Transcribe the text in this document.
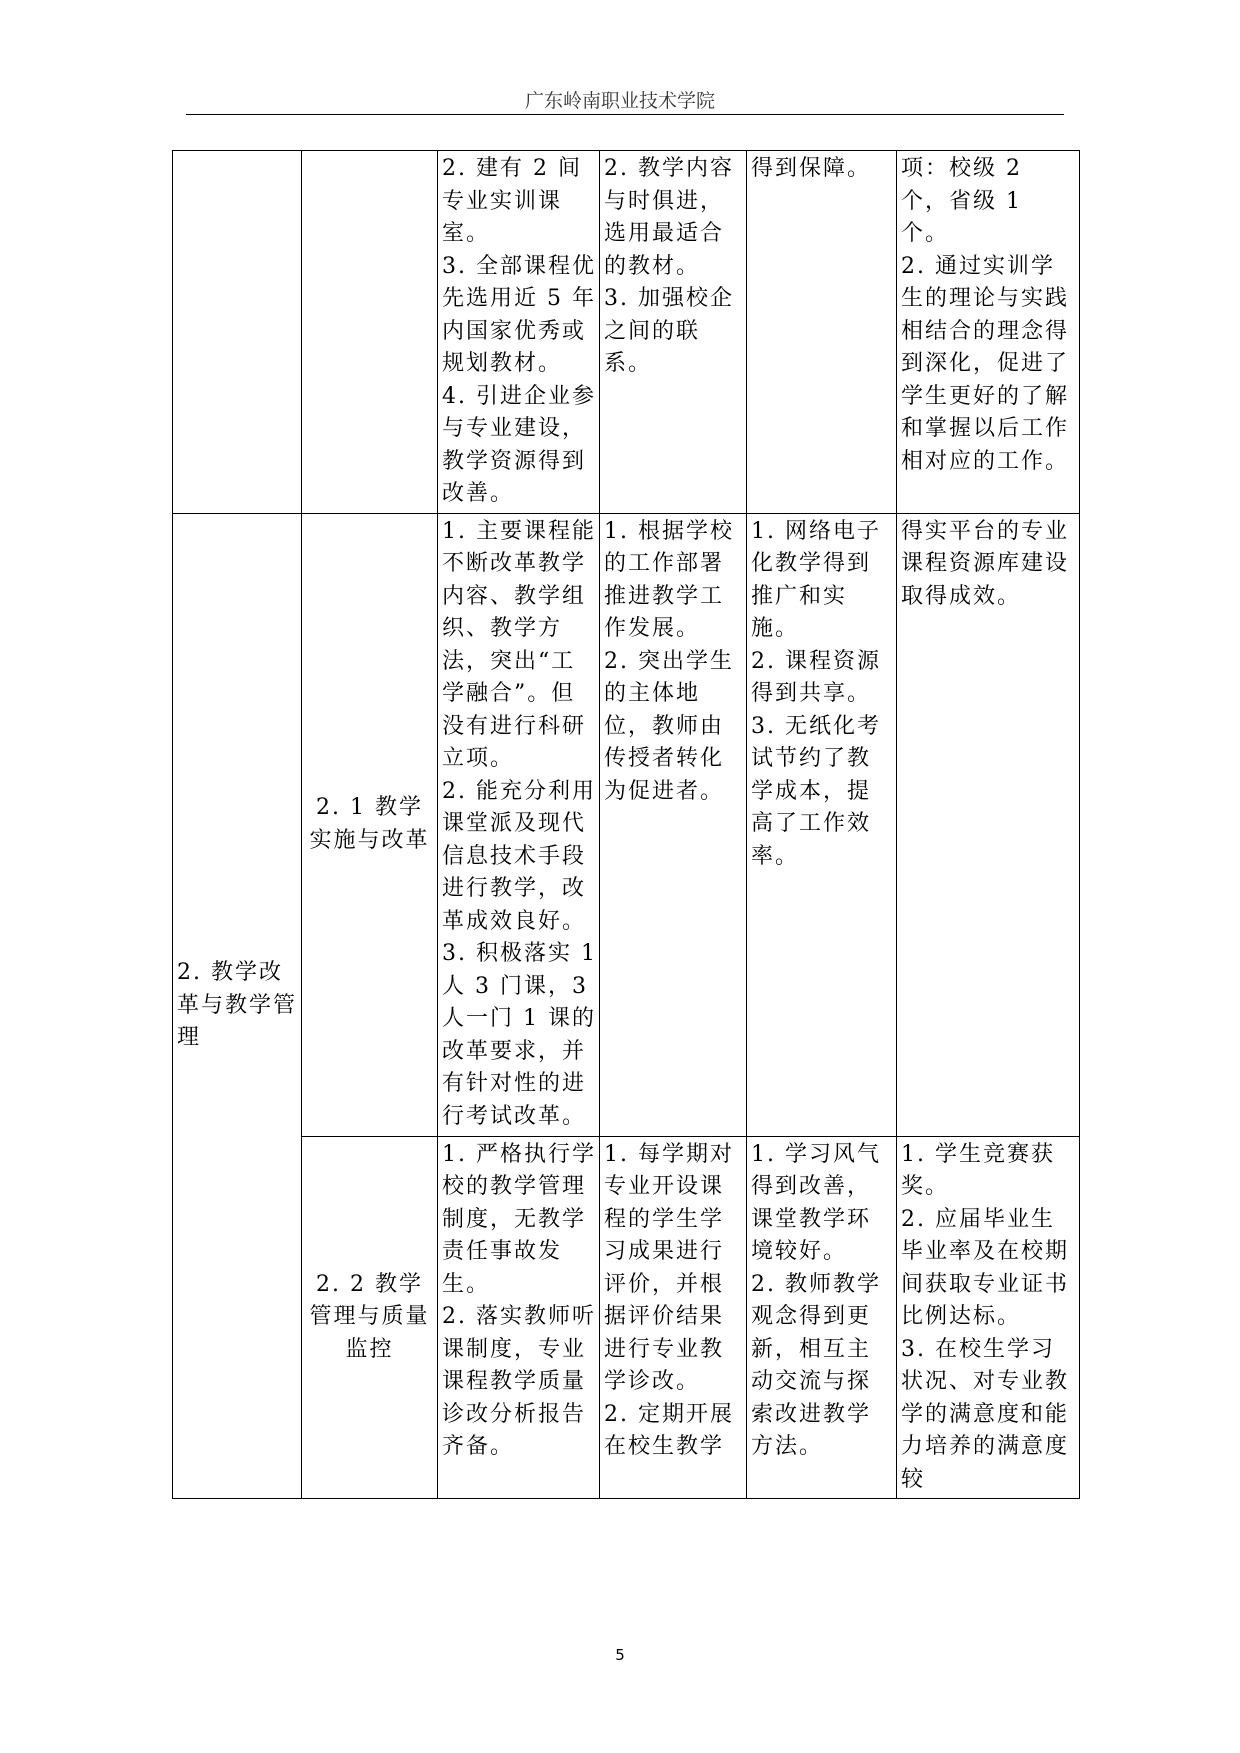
广东岭南职业技术学院
		2. 建有 2 间专业实训课室。
3. 全部课程优先选用近 5 年内国家优秀或规划教材。
4. 引进企业参与专业建设，教学资源得到改善。	2. 教学内容与时俱进，选用最适合的教材。
3. 加强校企之间的联系。	得到保障。	项：校级 2 个，省级 1 个。
2. 通过实训学生的理论与实践相结合的理念得到深化，促进了学生更好的了解和掌握以后工作相对应的工作。
2. 教学改革与教学管理	2. 1 教学实施与改革	1. 主要课程能不断改革教学内容、教学组织、教学方法，突出“工学融合”。但没有进行科研立项。
2. 能充分利用课堂派及现代信息技术手段进行教学，改革成效良好。
3. 积极落实 1 人 3 门课，3 人一门 1 课的改革要求，并有针对性的进行考试改革。	1. 根据学校的工作部署推进教学工作发展。
2. 突出学生的主体地位，教师由传授者转化为促进者。	1. 网络电子化教学得到推广和实施。
2. 课程资源得到共享。
3. 无纸化考试节约了教学成本，提高了工作效率。	得实平台的专业课程资源库建设取得成效。
	2. 2 教学管理与质量监控	1. 严格执行学校的教学管理制度，无教学责任事故发生。
2. 落实教师听课制度，专业课程教学质量诊改分析报告齐备。	1. 每学期对专业开设课程的学生学习成果进行评价，并根据评价结果进行专业教学诊改。
2. 定期开展在校生教学	1. 学习风气得到改善，课堂教学环境较好。
2. 教师教学观念得到更新，相互主动交流与探索改进教学方法。	1. 学生竞赛获奖。
2. 应届毕业生毕业率及在校期间获取专业证书比例达标。
3. 在校生学习状况、对专业教学的满意度和能力培养的满意度较
5
